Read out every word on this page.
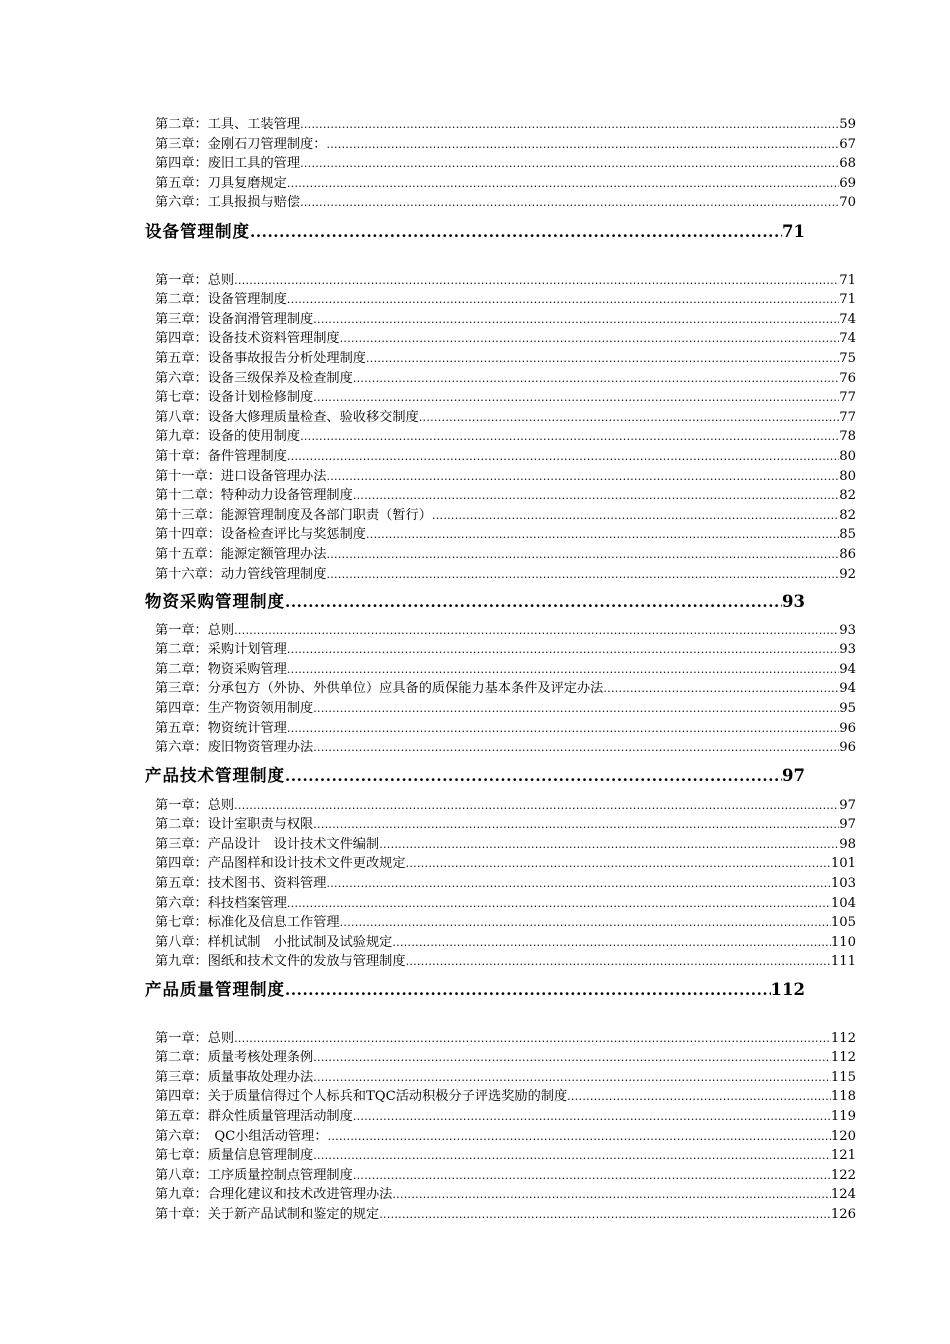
第二章：工具、工装管理 .....	59
第三章：金刚石刀管理制度： .....	67
第四章：废旧工具的管理 .....	68
第五章：刀具复磨规定 .....	69
第六章：工具报损与赔偿 .....	70
设备管理制度 .....	71
第一章：总则 .....	71
第二章：设备管理制度 .....	71
第三章：设备润滑管理制度 .....	74
第四章：设备技术资料管理制度 .....	74
第五章：设备事故报告分析处理制度 .....	75
第六章：设备三级保养及检查制度 .....	76
第七章：设备计划检修制度 .....	77
第八章：设备大修理质量检查、验收移交制度 .....	77
第九章：设备的使用制度 .....	78
第十章：备件管理制度 .....	80
第十一章：进口设备管理办法 .....	80
第十二章：特种动力设备管理制度 .....	82
第十三章：能源管理制度及各部门职责（暂行） .....	82
第十四章：设备检查评比与奖惩制度 .....	85
第十五章：能源定额管理办法 .....	86
第十六章：动力管线管理制度 .....	92
物资采购管理制度 .....	93
第一章：总则 .....	93
第二章：采购计划管理 .....	93
第二章：物资采购管理 .....	94
第三章：分承包方（外协、外供单位）应具备的质保能力基本条件及评定办法 .....	94
第四章：生产物资领用制度 .....	95
第五章：物资统计管理 .....	96
第六章：废旧物资管理办法 .....	96
产品技术管理制度 .....	97
第一章：总则 .....	97
第二章：设计室职责与权限 .....	97
第三章：产品设计　设计技术文件编制 .....	98
第四章：产品图样和设计技术文件更改规定 .....	101
第五章：技术图书、资料管理 .....	103
第六章：科技档案管理 .....	104
第七章：标准化及信息工作管理 .....	105
第八章：样机试制　小批试制及试验规定 .....	110
第九章：图纸和技术文件的发放与管理制度 .....	111
产品质量管理制度 .....	112
第一章：总则 .....	112
第二章：质量考核处理条例 .....	112
第三章：质量事故处理办法 .....	115
第四章：关于质量信得过个人标兵和TQC活动积极分子评选奖励的制度 .....	118
第五章：群众性质量管理活动制度 .....	119
第六章：　QC小组活动管理： .....	120
第七章：质量信息管理制度 .....	121
第八章：工序质量控制点管理制度 .....	122
第九章：合理化建议和技术改进管理办法 .....	124
第十章：关于新产品试制和鉴定的规定 .....	126
